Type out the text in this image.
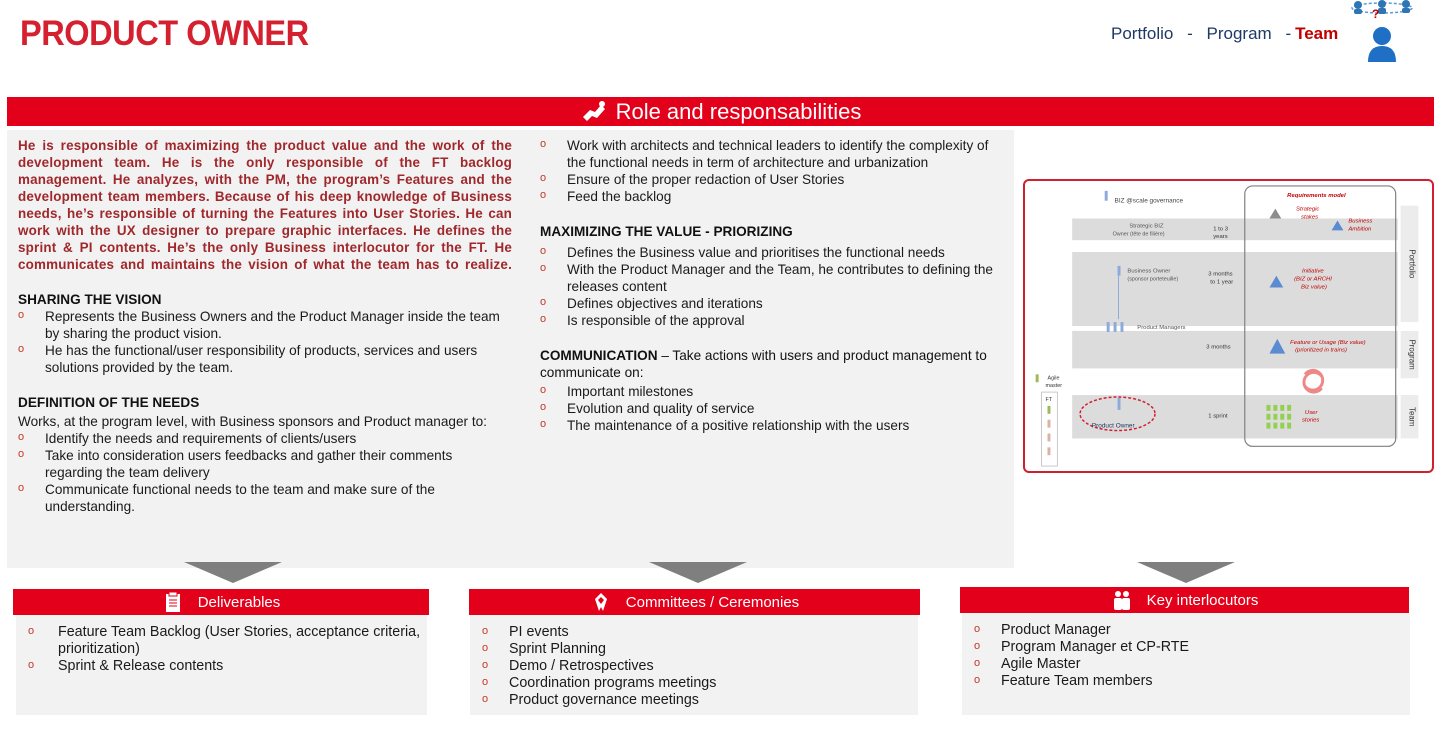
PRODUCT OWNER	Portfolio - Program - Team
?
Role and responsabilities

He is responsible of maximizing the product value and the work of the development team. He is the only responsible of the FT backlog management. He analyzes, with the PM, the program’s Features and the development team members. Because of his deep knowledge of Business needs, he’s responsible of turning the Features into User Stories. He can work with the UX designer to prepare graphic interfaces. He defines the sprint & PI contents. He’s the only Business interlocutor for the FT. He communicates and maintains the vision of what the team has to realize.

SHARING THE VISION

o Represents the Business Owners and the Product Manager inside the team by sharing the product vision.
o He has the functional/user responsibility of products, services and users solutions provided by the team.

DEFINITION OF THE NEEDS

Works, at the program level, with Business sponsors and Product manager to:

o Identify the needs and requirements of clients/users
o Take into consideration users feedbacks and gather their comments regarding the team delivery
o Communicate functional needs to the team and make sure of the understanding.
o Work with architects and technical leaders to identify the complexity of the functional needs in term of architecture and urbanization
o Ensure of the proper redaction of User Stories
o Feed the backlog

MAXIMIZING THE VALUE - PRIORIZING

o Defines the Business value and prioritises the functional needs
o With the Product Manager and the Team, he contributes to defining the releases content
o Defines objectives and iterations
o Is responsible of the approval

COMMUNICATION – Take actions with users and product management to communicate on:

o Important milestones
o Evolution and quality of service
o The maintenance of a positive relationship with the users
Portfolio
Program
Team
BIZ @scale governance
Requirements model
Strategic BIZ
Owner (tête de filière)
1 to 3
years
Strategic
stakes
Business
Ambition
Business Owner
(sponsor porteteuille)
3 months
to 1 year
Initiative
(BIZ or ARCHI
Biz value)
Product Managers
3 months
Feature or Usage (Biz value)
(prioritized in trains)
Agile
master
FT
Product Owner
1 sprint
User
stories
Deliverables
o Feature Team Backlog (User Stories, acceptance criteria, prioritization)
o Sprint & Release contents
Committees / Ceremonies
o PI events
o Sprint Planning
o Demo / Retrospectives
o Coordination programs meetings
o Product governance meetings
Key interlocutors
o Product Manager
o Program Manager et CP-RTE
o Agile Master
o Feature Team members
